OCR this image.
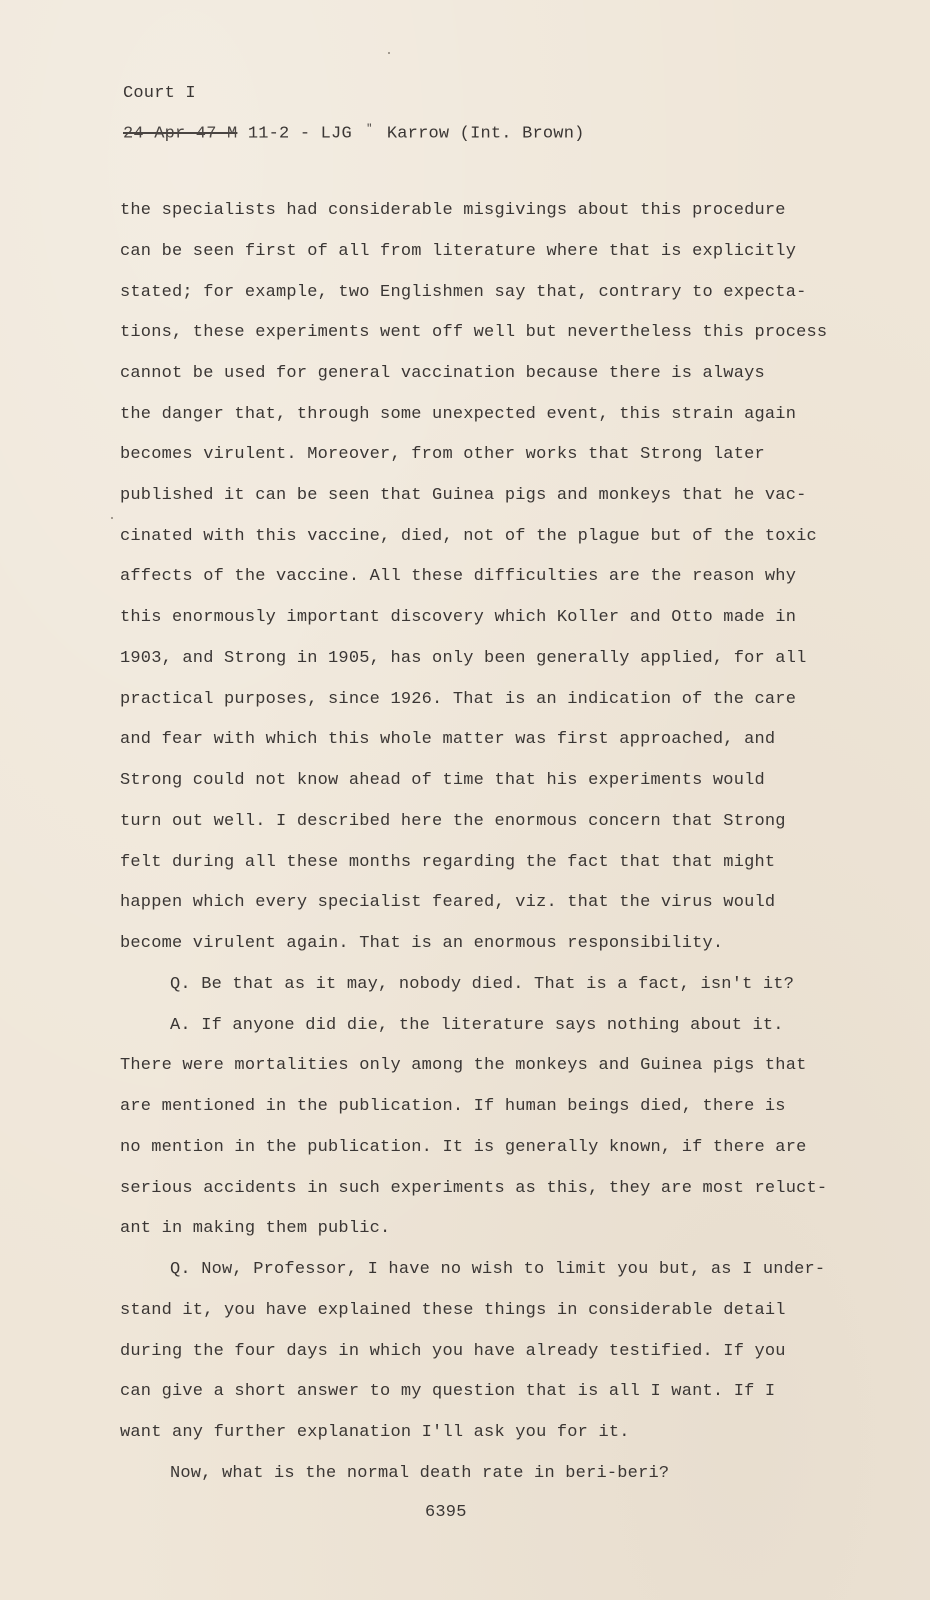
Court I
24 Apr 47-M 11-2 - LJG " Karrow (Int. Brown)
the specialists had considerable misgivings about this procedure
can be seen first of all from literature where that is explicitly
stated; for example, two Englishmen say that, contrary to expecta-
tions, these experiments went off well but nevertheless this process
cannot be used for general vaccination because there is always
the danger that, through some unexpected event, this strain again
becomes virulent. Moreover, from other works that Strong later
published it can be seen that Guinea pigs and monkeys that he vac-
cinated with this vaccine, died, not of the plague but of the toxic
affects of the vaccine. All these difficulties are the reason why
this enormously important discovery which Koller and Otto made in
1903, and Strong in 1905, has only been generally applied, for all
practical purposes, since 1926. That is an indication of the care
and fear with which this whole matter was first approached, and
Strong could not know ahead of time that his experiments would
turn out well. I described here the enormous concern that Strong
felt during all these months regarding the fact that that might
happen which every specialist feared, viz. that the virus would
become virulent again. That is an enormous responsibility.
Q. Be that as it may, nobody died. That is a fact, isn't it?
A. If anyone did die, the literature says nothing about it.
There were mortalities only among the monkeys and Guinea pigs that
are mentioned in the publication. If human beings died, there is
no mention in the publication. It is generally known, if there are
serious accidents in such experiments as this, they are most reluct-
ant in making them public.
Q. Now, Professor, I have no wish to limit you but, as I under-
stand it, you have explained these things in considerable detail
during the four days in which you have already testified. If you
can give a short answer to my question that is all I want. If I
want any further explanation I'll ask you for it.
Now, what is the normal death rate in beri-beri?
6395
